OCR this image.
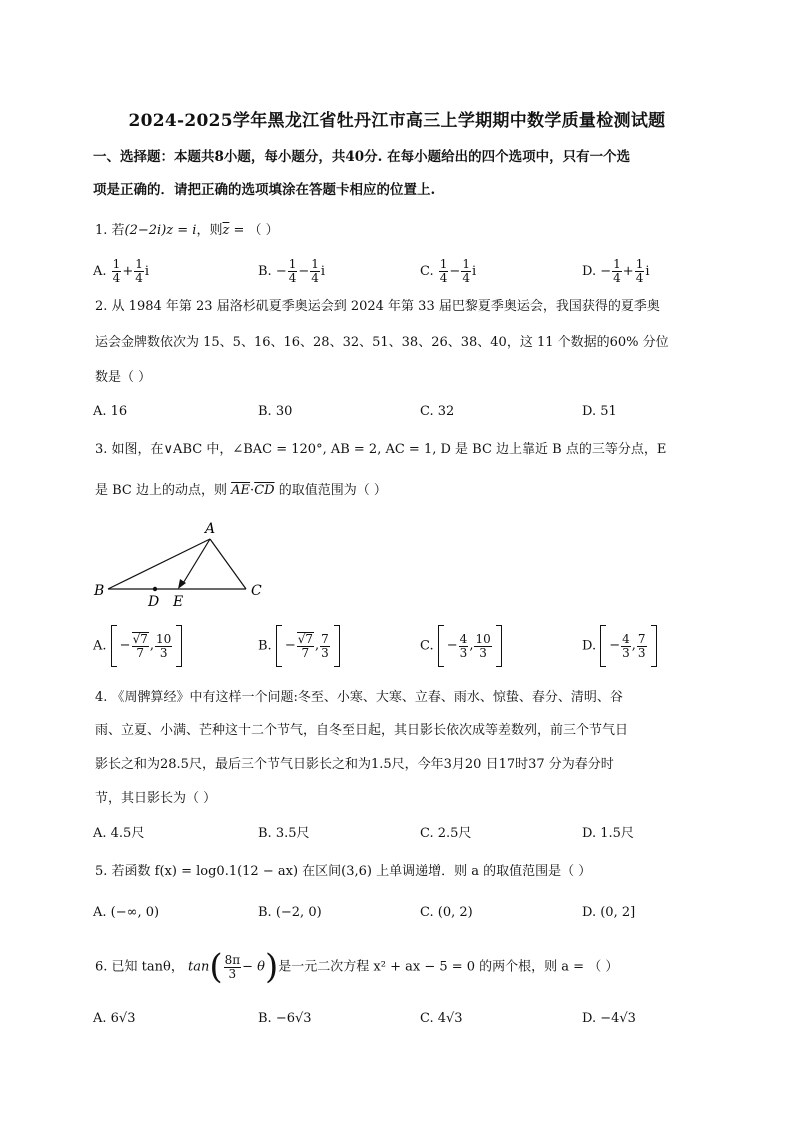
2024-2025学年黑龙江省牡丹江市高三上学期期中数学质量检测试题
一、选择题：本题共8小题，每小题分，共40分. 在每小题给出的四个选项中，只有一个选
项是正确的．请把正确的选项填涂在答题卡相应的位置上.
1. 若(2−2i)z = i，则$\overline{z}$ = （ ）
A. $\frac{1}{4} + \frac{1}{4}$ i	B. − $\frac{1}{4} - \frac{1}{4}$ i	C. $\frac{1}{4} - \frac{1}{4}$ i	D. − $\frac{1}{4} + \frac{1}{4}$ i
2. 从 1984 年第 23 届洛杉矶夏季奥运会到 2024 年第 33 届巴黎夏季奥运会，我国获得的夏季奥
运会金牌数依次为 15、5、16、16、28、32、51、38、26、38、40，这 11 个数据的60% 分位
数是（ ）
A. 16	B. 30	C. 32	D. 51
3. 如图，在∨ABC 中，∠BAC = 120°, AB = 2, AC = 1, D 是 BC 边上靠近 B 点的三等分点，E
是 BC 边上的动点，则 $\overline{AE}\cdot\overline{CD}$ 的取值范围为（ ）
A
B	C
D E
A. − $\frac{√7}{7}$ , $\frac{10}{3}$	B. − $\frac{√7}{7}$ , $\frac{7}{3}$	C. − $\frac{4}{3}$ , $\frac{10}{3}$	D. − $\frac{4}{3}$ , $\frac{7}{3}$
4. 《周髀算经》中有这样一个问题:冬至、小寒、大寒、立春、雨水、惊蛰、春分、清明、谷
雨、立夏、小满、芒种这十二个节气，自冬至日起，其日影长依次成等差数列，前三个节气日
影长之和为28.5尺，最后三个节气日影长之和为1.5尺，今年3月20 日17时37 分为春分时
节，其日影长为（ ）
A. 4.5尺	B. 3.5尺	C. 2.5尺	D. 1.5尺
5. 若函数 f(x) = log0.1(12 − ax) 在区间(3,6) 上单调递增．则 a 的取值范围是（ ）
A. (−∞, 0)	B. (−2, 0)	C. (0, 2)	D. (0, 2]
6. 已知 tanθ， $\tan( \frac{8\pi}{3} - \theta)$是一元二次方程 x² + ax − 5 = 0 的两个根，则 a = （ ）
A. 6√3	B. −6√3	C. 4√3	D. −4√3
